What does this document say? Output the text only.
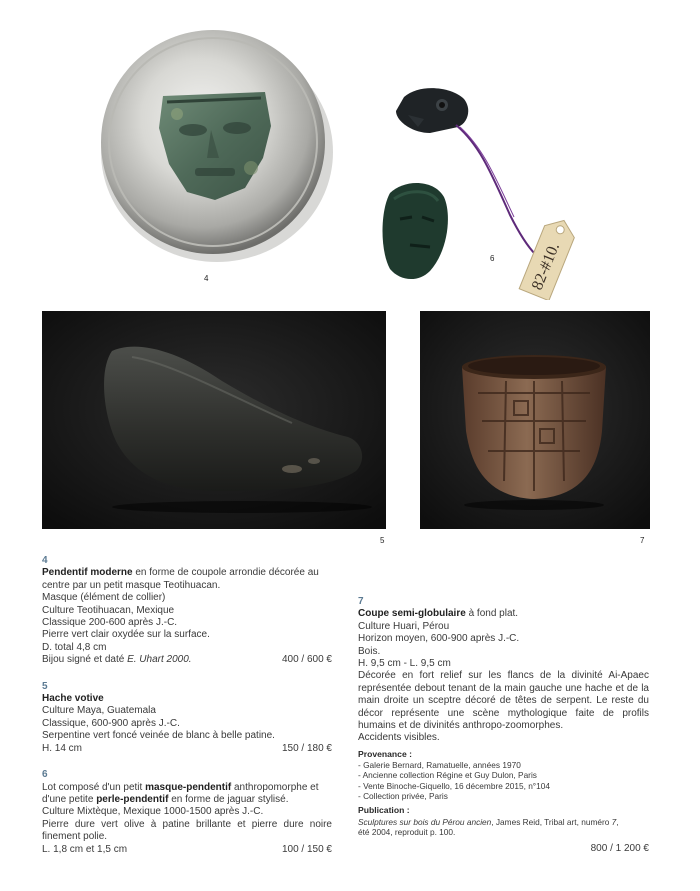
4	82-#10.
6
5	7
4
Pendentif moderne en forme de coupole arrondie décorée au
centre par un petit masque Teotihuacan.
Masque (élément de collier)
Culture Teotihuacan, Mexique
Classique 200-600 après J.-C.
Pierre vert clair oxydée sur la surface.
D. total 4,8 cm
Bijou signé et daté E. Uhart 2000.	400 / 600 €
5
Hache votive
Culture Maya, Guatemala
Classique, 600-900 après J.-C.
Serpentine vert foncé veinée de blanc à belle patine.
H. 14 cm	150 / 180 €
6
Lot composé d'un petit masque-pendentif anthropomorphe et
d'une petite perle-pendentif en forme de jaguar stylisé.
Culture Mixtèque, Mexique 1000-1500 après J.-C.
Pierre dure vert olive à patine brillante et pierre dure noire finement polie.
L. 1,8 cm et 1,5 cm	100 / 150 €
7
Coupe semi-globulaire à fond plat.
Culture Huari, Pérou
Horizon moyen, 600-900 après J.-C.
Bois.
H. 9,5 cm - L. 9,5 cm
Décorée en fort relief sur les flancs de la divinité Ai-Apaec représentée debout tenant de la main gauche une hache et de la main droite un sceptre décoré de têtes de serpent. Le reste du décor représente une scène mythologique faite de profils humains et de divinités anthropo-zoomorphes.
Accidents visibles.
Provenance :
- Galerie Bernard, Ramatuelle, années 1970
- Ancienne collection Régine et Guy Dulon, Paris
- Vente Binoche-Giquello, 16 décembre 2015, n°104
- Collection privée, Paris
Publication :
Sculptures sur bois du Pérou ancien, James Reid, Tribal art, numéro 7,
été 2004, reproduit p. 100.
800 / 1 200 €
